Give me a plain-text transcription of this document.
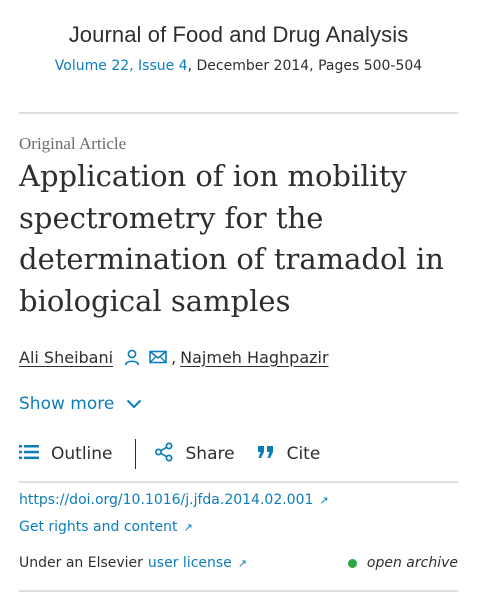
Journal of Food and Drug Analysis
Volume 22, Issue 4, December 2014, Pages 500-504
Original Article
Application of ion mobility spectrometry for the determination of tramadol in biological samples
Ali Sheibani	, Najmeh Haghpazir
Show more
Outline	Share	Cite
https://doi.org/10.1016/j.jfda.2014.02.001 ↗
Get rights and content ↗
Under an Elsevier user license ↗	open archive
